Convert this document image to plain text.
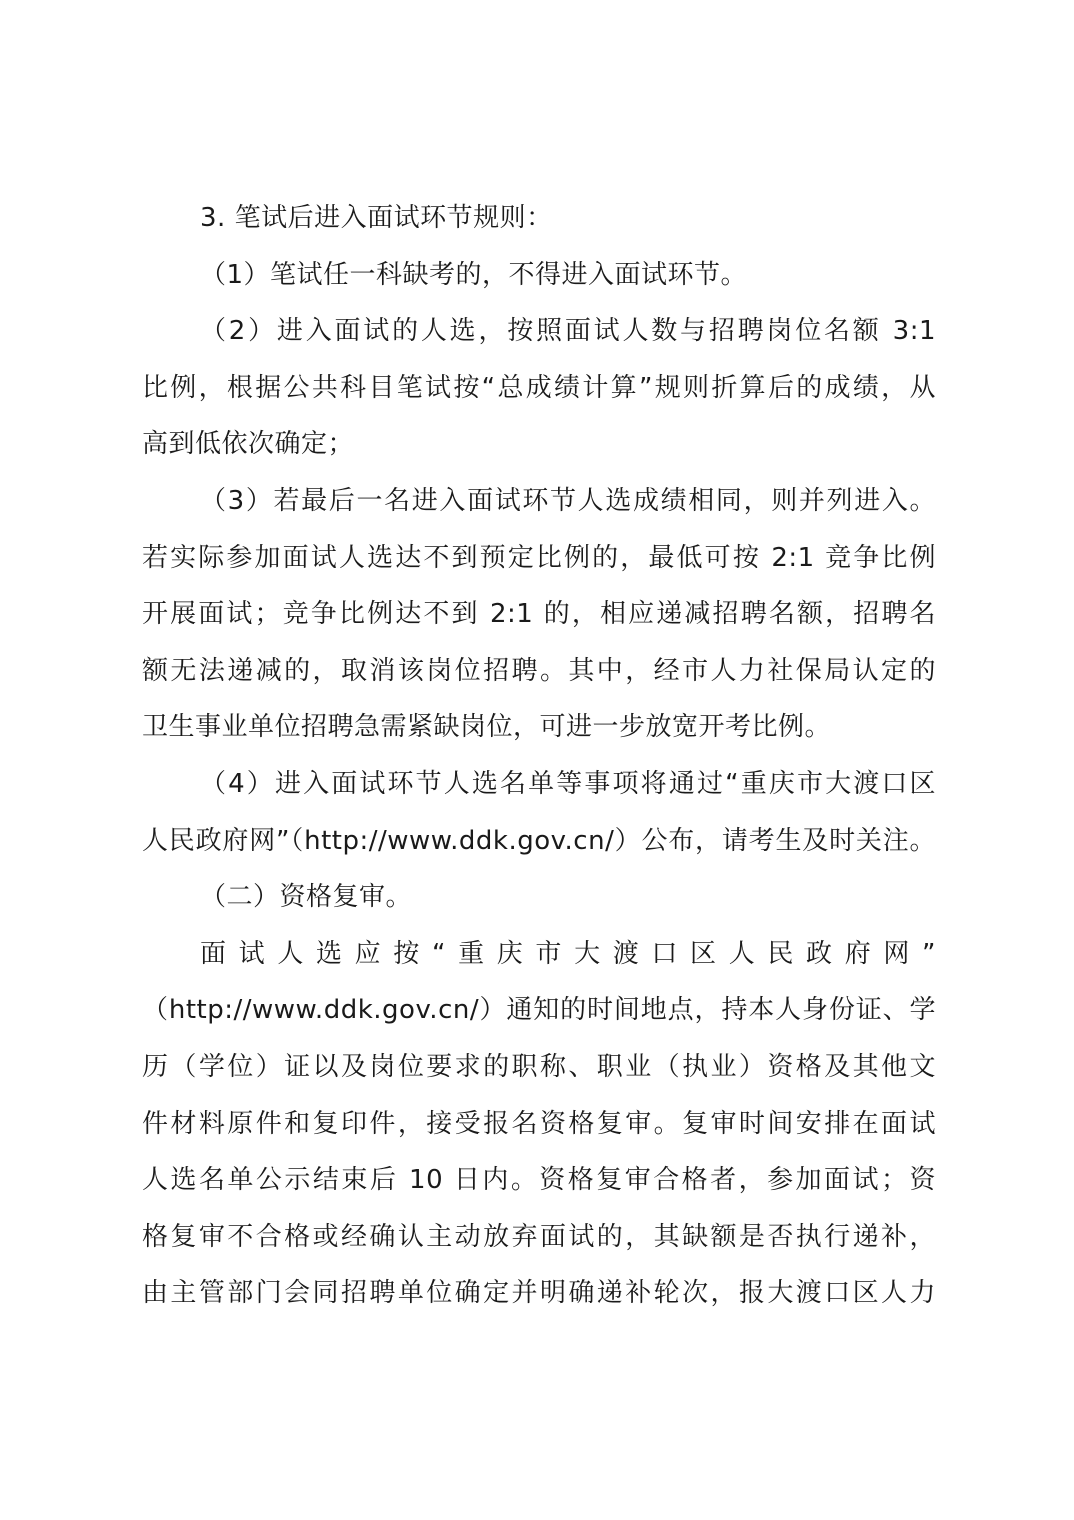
3. 笔试后进入面试环节规则：
（1）笔试任一科缺考的，不得进入面试环节。
（2）进入面试的人选，按照面试人数与招聘岗位名额 3:1
比例，根据公共科目笔试按“总成绩计算”规则折算后的成绩，从
高到低依次确定；
（3）若最后一名进入面试环节人选成绩相同，则并列进入。
若实际参加面试人选达不到预定比例的，最低可按 2:1 竞争比例
开展面试；竞争比例达不到 2:1 的，相应递减招聘名额，招聘名
额无法递减的，取消该岗位招聘。其中，经市人力社保局认定的
卫生事业单位招聘急需紧缺岗位，可进一步放宽开考比例。
（4）进入面试环节人选名单等事项将通过“重庆市大渡口区
人民政府网”（http://www.ddk.gov.cn/）公布，请考生及时关注。
（二）资格复审。
面试人选应按“重庆市大渡口区人民政府网”
（http://www.ddk.gov.cn/）通知的时间地点，持本人身份证、学
历（学位）证以及岗位要求的职称、职业（执业）资格及其他文
件材料原件和复印件，接受报名资格复审。复审时间安排在面试
人选名单公示结束后 10 日内。资格复审合格者，参加面试；资
格复审不合格或经确认主动放弃面试的，其缺额是否执行递补，
由主管部门会同招聘单位确定并明确递补轮次，报大渡口区人力
